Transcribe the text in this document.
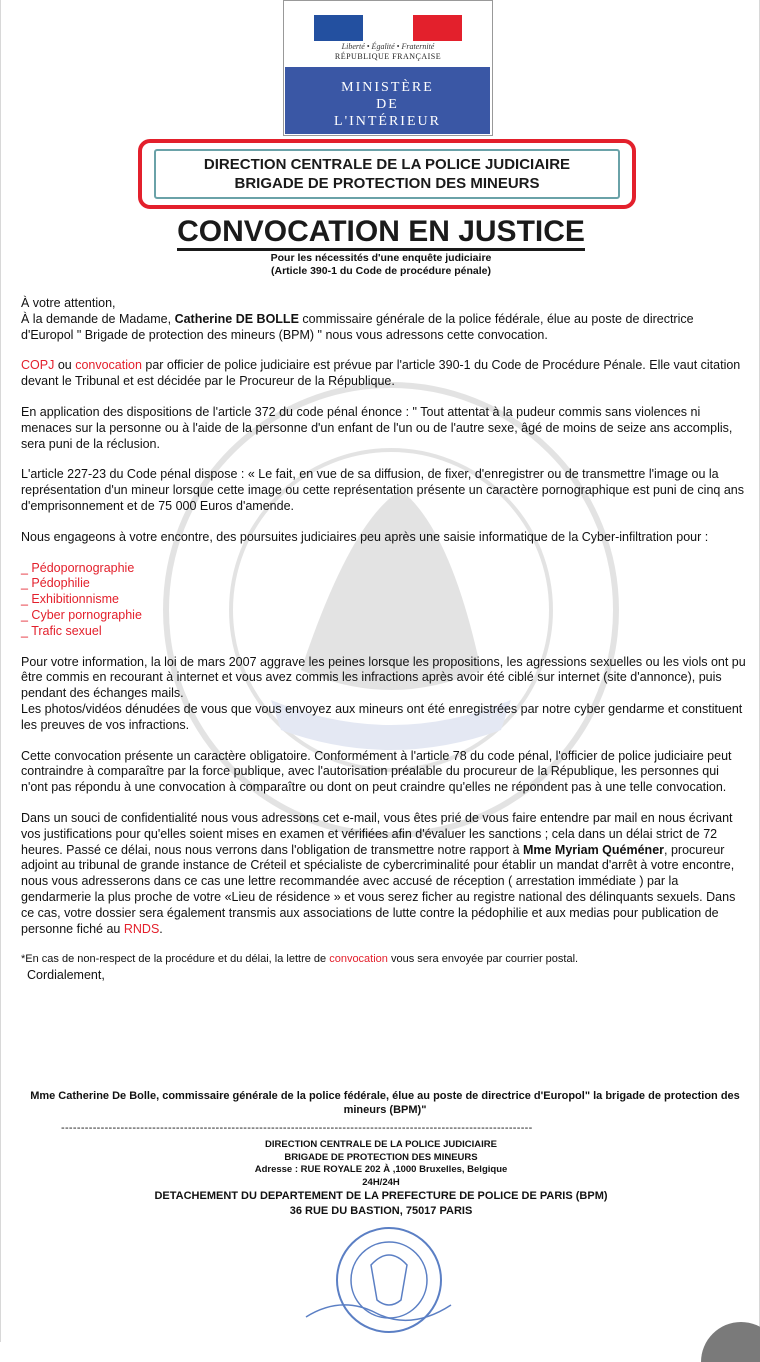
Liberté • Égalité • Fraternité
RÉPUBLIQUE FRANÇAISE
MINISTÈRE
DE
L'INTÉRIEUR
DIRECTION CENTRALE DE LA POLICE JUDICIAIRE
BRIGADE DE PROTECTION DES MINEURS
CONVOCATION EN JUSTICE
Pour les nécessités d'une enquête judiciaire
(Article 390-1 du Code de procédure pénale)

À votre attention,
À la demande de Madame, Catherine DE BOLLE commissaire générale de la police fédérale, élue au poste de directrice d'Europol " Brigade de protection des mineurs (BPM) " nous vous adressons cette convocation.

COPJ ou convocation par officier de police judiciaire est prévue par l'article 390-1 du Code de Procédure Pénale. Elle vaut citation devant le Tribunal et est décidée par le Procureur de la République.

En application des dispositions de l'article 372 du code pénal énonce : " Tout attentat à la pudeur commis sans violences ni menaces sur la personne ou à l'aide de la personne d'un enfant de l'un ou de l'autre sexe, âgé de moins de seize ans accomplis, sera puni de la réclusion.

L'article 227-23 du Code pénal dispose : « Le fait, en vue de sa diffusion, de fixer, d'enregistrer ou de transmettre l'image ou la représentation d'un mineur lorsque cette image ou cette représentation présente un caractère pornographique est puni de cinq ans d'emprisonnement et de 75 000 Euros d'amende.

Nous engageons à votre encontre, des poursuites judiciaires peu après une saisie informatique de la Cyber-infiltration pour :

_ Pédopornographie
_ Pédophilie
_ Exhibitionnisme
_ Cyber pornographie
_ Trafic sexuel

Pour votre information, la loi de mars 2007 aggrave les peines lorsque les propositions, les agressions sexuelles ou les viols ont pu être commis en recourant à internet et vous avez commis les infractions après avoir été ciblé sur internet (site d'annonce), puis pendant des échanges mails.
Les photos/vidéos dénudées de vous que vous envoyez aux mineurs ont été enregistrées par notre cyber gendarme et constituent les preuves de vos infractions.

Cette convocation présente un caractère obligatoire. Conformément à l'article 78 du code pénal, l'officier de police judiciaire peut contraindre à comparaître par la force publique, avec l'autorisation préalable du procureur de la République, les personnes qui n'ont pas répondu à une convocation à comparaître ou dont on peut craindre qu'elles ne répondent pas à une telle convocation.

Dans un souci de confidentialité nous vous adressons cet e-mail, vous êtes prié de vous faire entendre par mail en nous écrivant vos justifications pour qu'elles soient mises en examen et vérifiées afin d'évaluer les sanctions ; cela dans un délai strict de 72 heures. Passé ce délai, nous nous verrons dans l'obligation de transmettre notre rapport à Mme Myriam Quéméner, procureur adjoint au tribunal de grande instance de Créteil et spécialiste de cybercriminalité pour établir un mandat d'arrêt à votre encontre, nous vous adresserons dans ce cas une lettre recommandée avec accusé de réception ( arrestation immédiate ) par la gendarmerie la plus proche de votre «Lieu de résidence » et vous serez ficher au registre national des délinquants sexuels. Dans ce cas, votre dossier sera également transmis aux associations de lutte contre la pédophilie et aux medias pour publication de personne fiché au RNDS.

*En cas de non-respect de la procédure et du délai, la lettre de convocation vous sera envoyée par courrier postal.
Cordialement,
Mme Catherine De Bolle, commissaire générale de la police fédérale, élue au poste de directrice d'Europol" la brigade de protection des mineurs (BPM)"
-----------------------------------------------------------------------------------------------------------------------
DIRECTION CENTRALE DE LA POLICE JUDICIAIRE
BRIGADE DE PROTECTION DES MINEURS
Adresse : RUE ROYALE 202 À ,1000 Bruxelles, Belgique
24H/24H
DETACHEMENT DU DEPARTEMENT DE LA PREFECTURE DE POLICE DE PARIS (BPM)
36 RUE DU BASTION, 75017 PARIS
